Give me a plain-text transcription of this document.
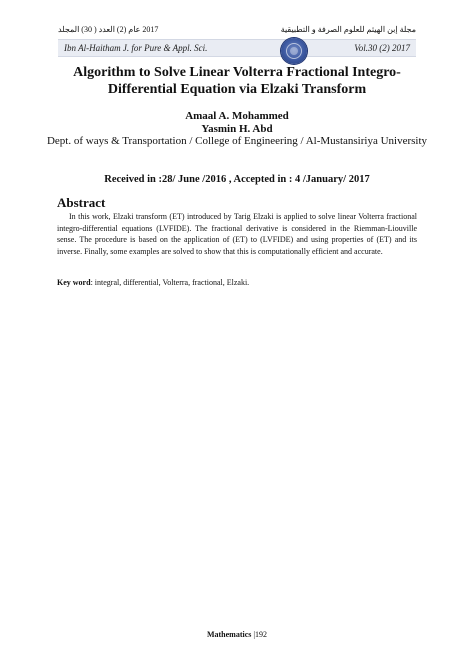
2017 عام (2) العدد ( 30) المجلد	مجلة إبن الهيثم للعلوم الصرفة و التطبيقية
Ibn Al-Haitham J. for Pure & Appl. Sci.	Vol.30 (2) 2017
Algorithm to Solve Linear Volterra Fractional Integro-Differential Equation via Elzaki Transform
Amaal A. Mohammed
Yasmin H. Abd
Dept. of ways & Transportation / College of Engineering / Al-Mustansiriya University
Received in :28/ June /2016 , Accepted in : 4 /January/ 2017
Abstract
In this work, Elzaki transform (ET) introduced by Tarig Elzaki is applied to solve linear Volterra fractional integro-differential equations (LVFIDE). The fractional derivative is considered in the Riemman-Liouville sense. The procedure is based on the application of (ET) to (LVFIDE) and using properties of (ET) and its inverse. Finally, some examples are solved to show that this is computationally efficient and accurate.
Key word: integral, differential, Volterra, fractional, Elzaki.
Mathematics |192
